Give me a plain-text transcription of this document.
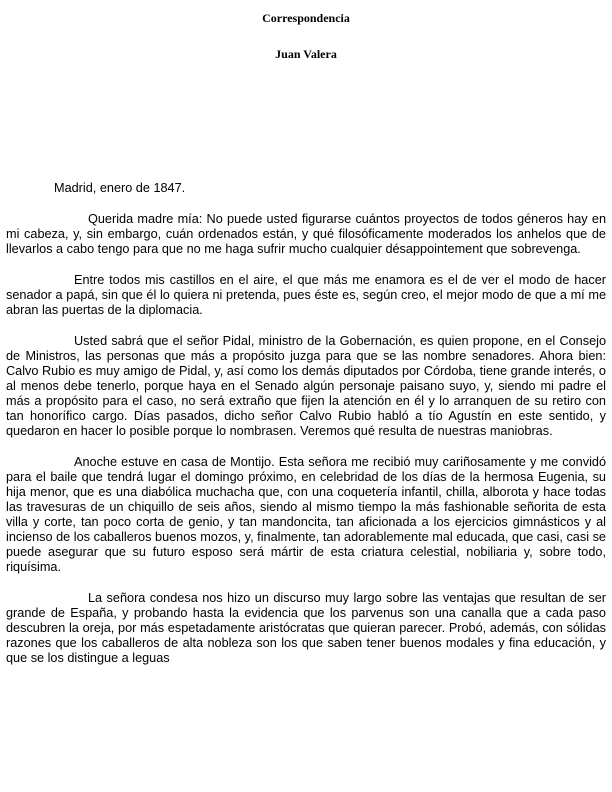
Correspondencia
Juan Valera
Madrid, enero de 1847.

Querida madre mía: No puede usted figurarse cuántos proyectos de todos géneros hay en mi cabeza, y, sin embargo, cuán ordenados están, y qué filosóficamente moderados los anhelos que de llevarlos a cabo tengo para que no me haga sufrir mucho cualquier désappointement que sobrevenga.

Entre todos mis castillos en el aire, el que más me enamora es el de ver el modo de hacer senador a papá, sin que él lo quiera ni pretenda, pues éste es, según creo, el mejor modo de que a mí me abran las puertas de la diplomacia.

Usted sabrá que el señor Pidal, ministro de la Gobernación, es quien propone, en el Consejo de Ministros, las personas que más a propósito juzga para que se las nombre senadores. Ahora bien: Calvo Rubio es muy amigo de Pidal, y, así como los demás diputados por Córdoba, tiene grande interés, o al menos debe tenerlo, porque haya en el Senado algún personaje paisano suyo, y, siendo mi padre el más a propósito para el caso, no será extraño que fijen la atención en él y lo arranquen de su retiro con tan honorífico cargo. Días pasados, dicho señor Calvo Rubio habló a tío Agustín en este sentido, y quedaron en hacer lo posible porque lo nombrasen. Veremos qué resulta de nuestras maniobras.

Anoche estuve en casa de Montijo. Esta señora me recibió muy cariñosamente y me convidó para el baile que tendrá lugar el domingo próximo, en celebridad de los días de la hermosa Eugenia, su hija menor, que es una diabólica muchacha que, con una coquetería infantil, chilla, alborota y hace todas las travesuras de un chiquillo de seis años, siendo al mismo tiempo la más fashionable señorita de esta villa y corte, tan poco corta de genio, y tan mandoncita, tan aficionada a los ejercicios gimnásticos y al incienso de los caballeros buenos mozos, y, finalmente, tan adorablemente mal educada, que casi, casi se puede asegurar que su futuro esposo será mártir de esta criatura celestial, nobiliaria y, sobre todo, riquísima.

La señora condesa nos hizo un discurso muy largo sobre las ventajas que resultan de ser grande de España, y probando hasta la evidencia que los parvenus son una canalla que a cada paso descubren la oreja, por más espetadamente aristócratas que quieran parecer. Probó, además, con sólidas razones que los caballeros de alta nobleza son los que saben tener buenos modales y fina educación, y que se los distingue a leguas
